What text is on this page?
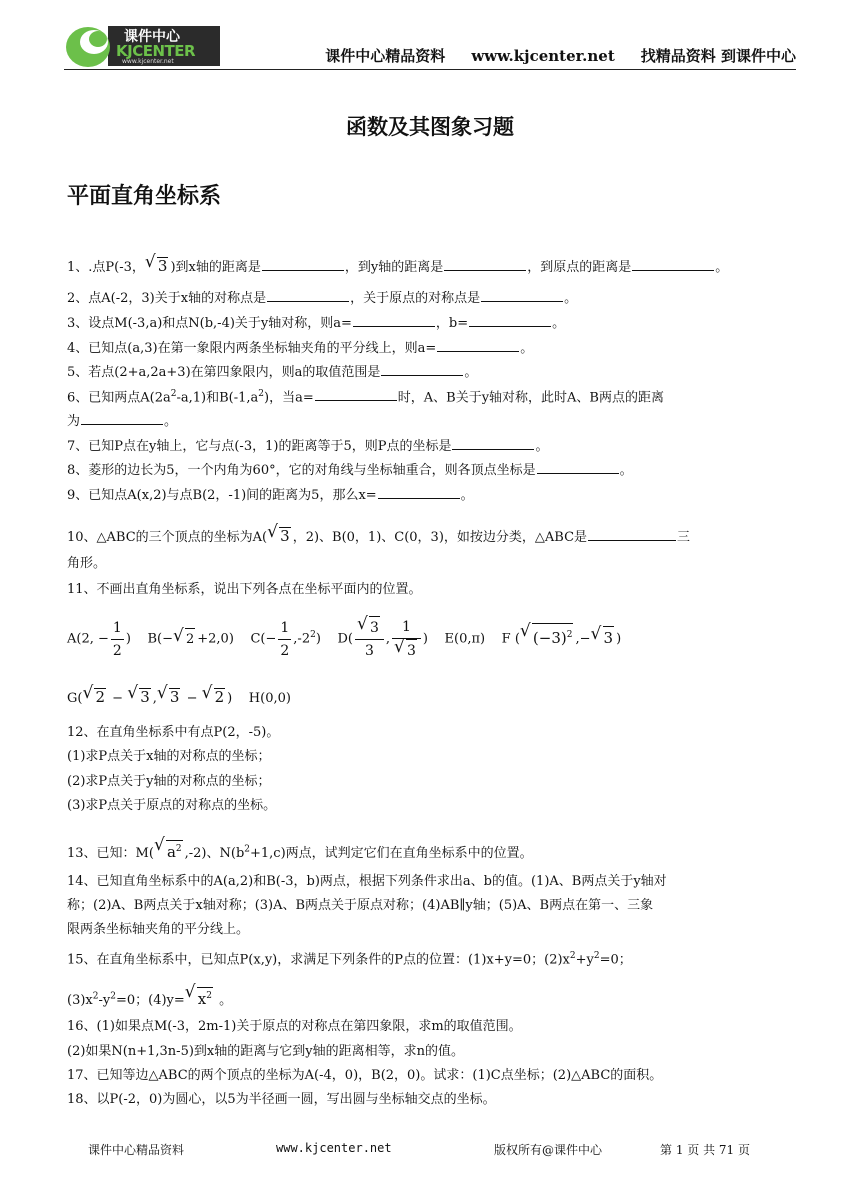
课件中心
KJCENTER
www.kjcenter.net	课件中心精品资料 www.kjcenter.net 找精品资料 到课件中心
函数及其图象习题
平面直角坐标系
1、.点P(-3， √ 3 )到x轴的距离是	，到y轴的距离是	，到原点的距离是	。
2、点A(-2，3)关于x轴的对称点是	，关于原点的对称点是	。
3、设点M(-3,a)和点N(b,-4)关于y轴对称，则a=	，b=	。
4、已知点(a,3)在第一象限内两条坐标轴夹角的平分线上，则a=	。
5、若点(2+a,2a+3)在第四象限内，则a的取值范围是	。
6、已知两点$A(2a^2-a,1)$和$B(-1,a^2)$，当a=	时，A、B关于y轴对称，此时A、B两点的距离
为	。
7、已知P点在y轴上，它与点(-3，1)的距离等于5，则P点的坐标是	。
8、菱形的边长为5，一个内角为60°，它的对角线与坐标轴重合，则各顶点坐标是	。
9、已知点A(x,2)与点B(2，-1)间的距离为5，那么x=	。
10、△ABC的三个顶点的坐标为A( √ 3 ，2)、B(0，1)、C(0，3)，如按边分类，△ABC是	三
角形。
11、不画出直角坐标系，说出下列各点在坐标平面内的位置。
A(2, − $\frac{1}{2}$ )    B(− √ 2 +2,0) $C(- \frac{1}{2} ,-2^2)$    D( √ $\frac{3}{3}$ , 1
√ 3 )    E(0,π) F ( √ $(-3)^2$ ,− √ 3 )
G( √ 2 − √ 3 , √ 3 − √ 2 )    H(0,0)
12、在直角坐标系中有点P(2，-5)。
(1)求P点关于x轴的对称点的坐标；
(2)求P点关于y轴的对称点的坐标；
(3)求P点关于原点的对称点的坐标。
13、已知：M( √ $a^2$ ,-2)、$N(b^2+1,c)$两点，试判定它们在直角坐标系中的位置。
14、已知直角坐标系中的A(a,2)和B(-3，b)两点，根据下列条件求出a、b的值。(1)A、B两点关于y轴对
称；(2)A、B两点关于x轴对称；(3)A、B两点关于原点对称；(4)AB∥y轴；(5)A、B两点在第一、三象
限两条坐标轴夹角的平分线上。
15、在直角坐标系中，已知点P(x,y)，求满足下列条件的P点的位置：(1)x+y=0；$(2)x^2+y^2=0$；
$(3)x^2-y^2=0$；(4)y= √ $x^2$ 。
16、(1)如果点M(-3，2m-1)关于原点的对称点在第四象限，求m的取值范围。
(2)如果N(n+1,3n-5)到x轴的距离与它到y轴的距离相等，求n的值。
17、已知等边△ABC的两个顶点的坐标为A(-4，0)，B(2，0)。试求：(1)C点坐标；(2)△ABC的面积。
18、以P(-2，0)为圆心，以5为半径画一圆，写出圆与坐标轴交点的坐标。
课件中心精品资料	www.kjcenter.net	版权所有@课件中心	第 1 页 共 71 页
